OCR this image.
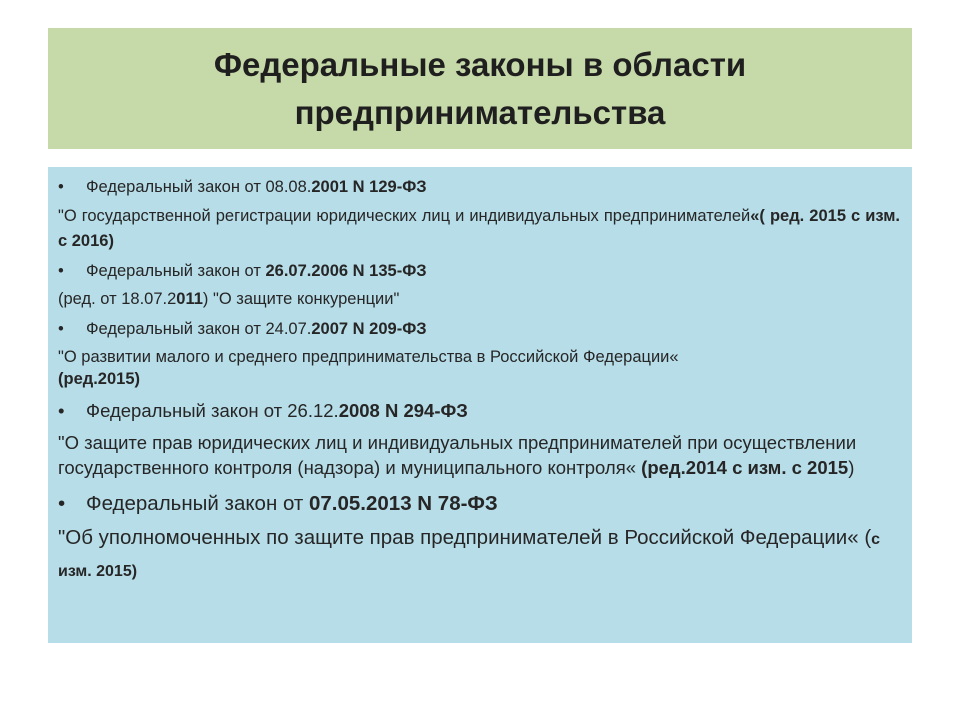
Федеральные законы в области предпринимательства
•	Федеральный закон от 08.08.2001 N 129-ФЗ
"О государственной регистрации юридических лиц и индивидуальных предпринимателей«( ред. 2015 с изм. с 2016)
•	Федеральный закон от 26.07.2006 N 135-ФЗ
(ред. от 18.07.2011) "О защите конкуренции"
•	Федеральный закон от 24.07.2007 N 209-ФЗ
"О развитии малого и среднего предпринимательства в Российской Федерации«
(ред.2015)
•	Федеральный закон от 26.12.2008 N 294-ФЗ
"О защите прав юридических лиц и индивидуальных предпринимателей при осуществлении государственного контроля (надзора) и муниципального контроля« (ред.2014 с изм. с 2015)
•	Федеральный закон от 07.05.2013 N 78-ФЗ
"Об уполномоченных по защите прав предпринимателей в Российской Федерации« (с изм. 2015)
